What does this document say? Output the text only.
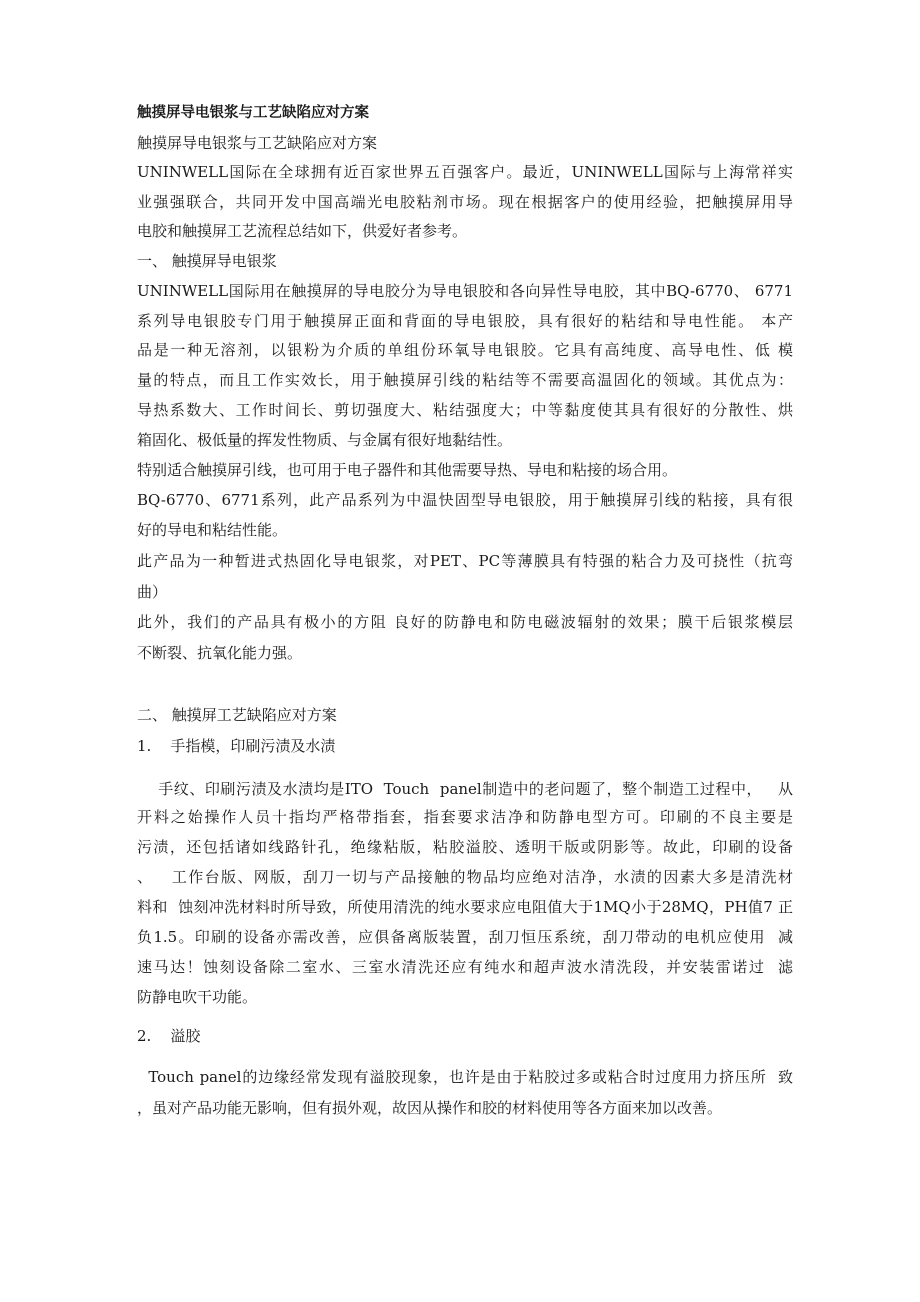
触摸屏导电银浆与工艺缺陷应对方案
触摸屏导电银浆与工艺缺陷应对方案
UNINWELL国际在全球拥有近百家世界五百强客户。最近，UNINWELL国际与上海常祥实
业强强联合，共同开发中国高端光电胶粘剂市场。现在根据客户的使用经验，把触摸屏用导
电胶和触摸屏工艺流程总结如下，供爱好者参考。
一、 触摸屏导电银浆
UNINWELL国际用在触摸屏的导电胶分为导电银胶和各向异性导电胶，其中BQ-6770、 6771
系列导电银胶专门用于触摸屏正面和背面的导电银胶，具有很好的粘结和导电性能。 本产
品是一种无溶剂，以银粉为介质的单组份环氧导电银胶。它具有高纯度、高导电性、低 模
量的特点，而且工作实效长，用于触摸屏引线的粘结等不需要高温固化的领域。其优点为：
导热系数大、工作时间长、剪切强度大、粘结强度大；中等黏度使其具有很好的分散性、烘
箱固化、极低量的挥发性物质、与金属有很好地黏结性。
特别适合触摸屏引线，也可用于电子器件和其他需要导热、导电和粘接的场合用。
BQ-6770、6771系列，此产品系列为中温快固型导电银胶，用于触摸屏引线的粘接，具有很
好的导电和粘结性能。
此产品为一种暂进式热固化导电银浆，对PET、PC等薄膜具有特强的粘合力及可挠性（抗弯
曲）
此外，我们的产品具有极小的方阻 良好的防静电和防电磁波辐射的效果；膜干后银浆模层
不断裂、抗氧化能力强。
二、 触摸屏工艺缺陷应对方案
1.    手指模，印刷污渍及水渍
手纹、印刷污渍及水渍均是ITO  Touch  panel制造中的老问题了，整个制造工过程中，   从
开料之始操作人员十指均严格带指套，指套要求洁净和防静电型方可。印刷的不良主要是
污渍，还包括诸如线路针孔，绝缘粘版，粘胶溢胶、透明干版或阴影等。故此，印刷的设备
、   工作台版、网版，刮刀一切与产品接触的物品均应绝对洁净，水渍的因素大多是清洗材
料和  蚀刻冲洗材料时所导致，所使用清洗的纯水要求应电阻值大于1MQ小于28MQ，PH值7 正
负1.5。印刷的设备亦需改善，应俱备离版装置，刮刀恒压系统，刮刀带动的电机应使用  减
速马达！蚀刻设备除二室水、三室水清洗还应有纯水和超声波水清洗段，并安装雷诺过  滤
防静电吹干功能。
2.    溢胶
Touch panel的边缘经常发现有溢胶现象，也许是由于粘胶过多或粘合时过度用力挤压所  致
，虽对产品功能无影响，但有损外观，故因从操作和胶的材料使用等各方面来加以改善。
